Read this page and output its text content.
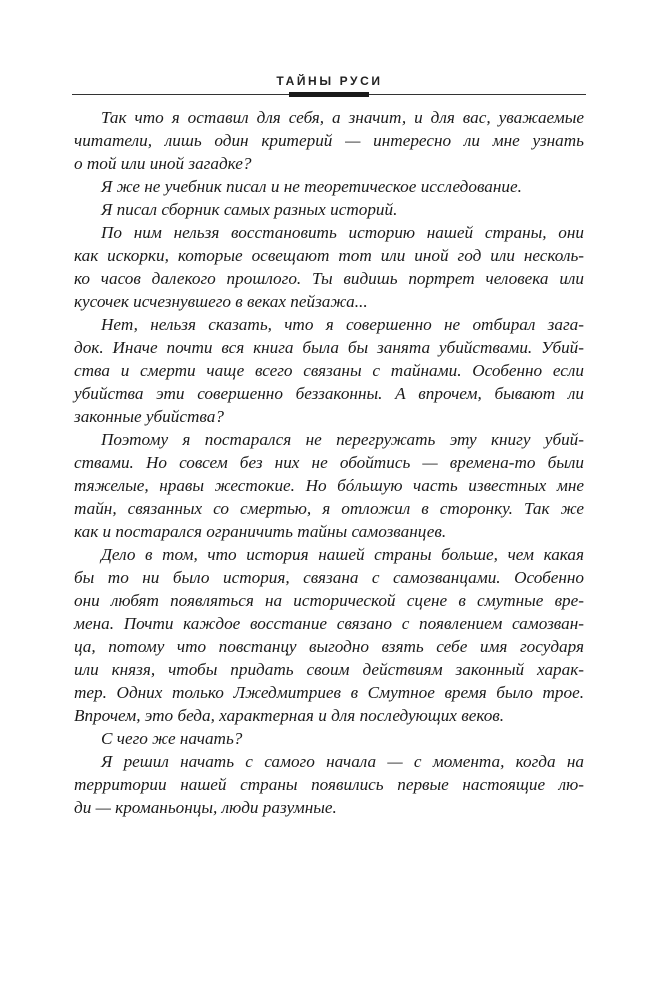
ТАЙНЫ РУСИ

Так что я оставил для себя, а значит, и для вас, уважаемые
читатели, лишь один критерий — интересно ли мне узнать
о той или иной загадке?

Я же не учебник писал и не теоретическое исследование.

Я писал сборник самых разных историй.

По ним нельзя восстановить историю нашей страны, они
как искорки, которые освещают тот или иной год или несколь-
ко часов далекого прошлого. Ты видишь портрет человека или
кусочек исчезнувшего в веках пейзажа...

Нет, нельзя сказать, что я совершенно не отбирал зага-
док. Иначе почти вся книга была бы занята убийствами. Убий-
ства и смерти чаще всего связаны с тайнами. Особенно если
убийства эти совершенно беззаконны. А впрочем, бывают ли
законные убийства?

Поэтому я постарался не перегружать эту книгу убий-
ствами. Но совсем без них не обойтись — времена-то были
тяжелые, нравы жестокие. Но бóльшую часть известных мне
тайн, связанных со смертью, я отложил в сторонку. Так же
как и постарался ограничить тайны самозванцев.

Дело в том, что история нашей страны больше, чем какая
бы то ни было история, связана с самозванцами. Особенно
они любят появляться на исторической сцене в смутные вре-
мена. Почти каждое восстание связано с появлением самозван-
ца, потому что повстанцу выгодно взять себе имя государя
или князя, чтобы придать своим действиям законный харак-
тер. Одних только Лжедмитриев в Смутное время было трое.
Впрочем, это беда, характерная и для последующих веков.

С чего же начать?

Я решил начать с самого начала — с момента, когда на
территории нашей страны появились первые настоящие лю-
ди — кроманьонцы, люди разумные.
